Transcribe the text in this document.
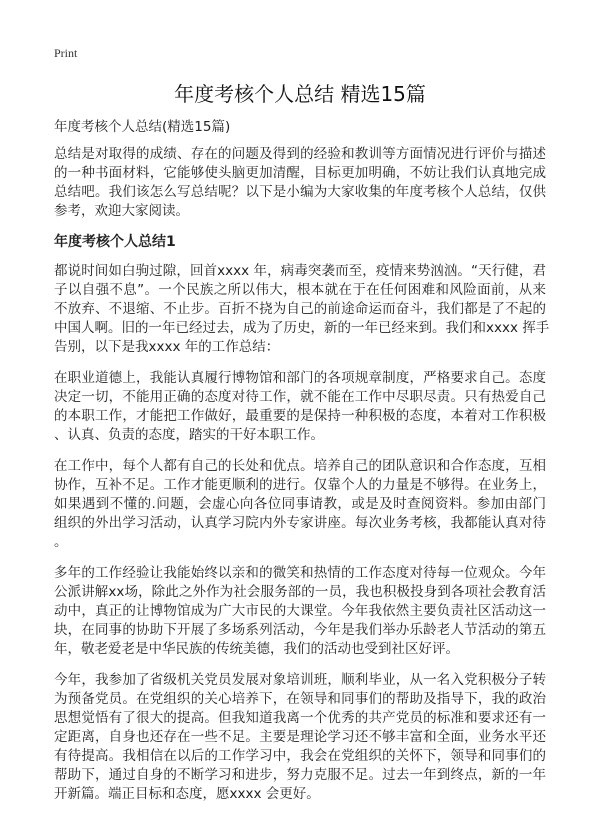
Print
年度考核个人总结 精选15篇
年度考核个人总结(精选15篇)
总结是对取得的成绩、存在的问题及得到的经验和教训等方面情况进行评价与描述
的一种书面材料，它能够使头脑更加清醒，目标更加明确，不妨让我们认真地完成
总结吧。我们该怎么写总结呢？以下是小编为大家收集的年度考核个人总结，仅供
参考，欢迎大家阅读。
年度考核个人总结1
都说时间如白驹过隙，回首xxxx 年，病毒突袭而至，疫情来势汹汹。“天行健，君
子以自强不息”。一个民族之所以伟大，根本就在于在任何困难和风险面前，从来
不放弃、不退缩、不止步。百折不挠为自己的前途命运而奋斗，我们都是了不起的
中国人啊。旧的一年已经过去，成为了历史，新的一年已经来到。我们和xxxx 挥手
告别，以下是我xxxx 年的工作总结：
在职业道德上，我能认真履行博物馆和部门的各项规章制度，严格要求自己。态度
决定一切，不能用正确的态度对待工作，就不能在工作中尽职尽责。只有热爱自己
的本职工作，才能把工作做好，最重要的是保持一种积极的态度，本着对工作积极
、认真、负责的态度，踏实的干好本职工作。
在工作中，每个人都有自己的长处和优点。培养自己的团队意识和合作态度，互相
协作，互补不足。工作才能更顺利的进行。仅靠个人的力量是不够得。在业务上，
如果遇到不懂的.问题，会虚心向各位同事请教，或是及时查阅资料。参加由部门
组织的外出学习活动，认真学习院内外专家讲座。每次业务考核，我都能认真对待
。
多年的工作经验让我能始终以亲和的微笑和热情的工作态度对待每一位观众。今年
公派讲解xx场，除此之外作为社会服务部的一员，我也积极投身到各项社会教育活
动中，真正的让博物馆成为广大市民的大课堂。今年我依然主要负责社区活动这一
块，在同事的协助下开展了多场系列活动，今年是我们举办乐龄老人节活动的第五
年，敬老爱老是中华民族的传统美德，我们的活动也受到社区好评。
今年，我参加了省级机关党员发展对象培训班，顺利毕业，从一名入党积极分子转
为预备党员。在党组织的关心培养下，在领导和同事们的帮助及指导下，我的政治
思想觉悟有了很大的提高。但我知道我离一个优秀的共产党员的标准和要求还有一
定距离，自身也还存在一些不足。主要是理论学习还不够丰富和全面，业务水平还
有待提高。我相信在以后的工作学习中，我会在党组织的关怀下，领导和同事们的
帮助下，通过自身的不断学习和进步，努力克服不足。过去一年到终点，新的一年
开新篇。端正目标和态度，愿xxxx 会更好。
